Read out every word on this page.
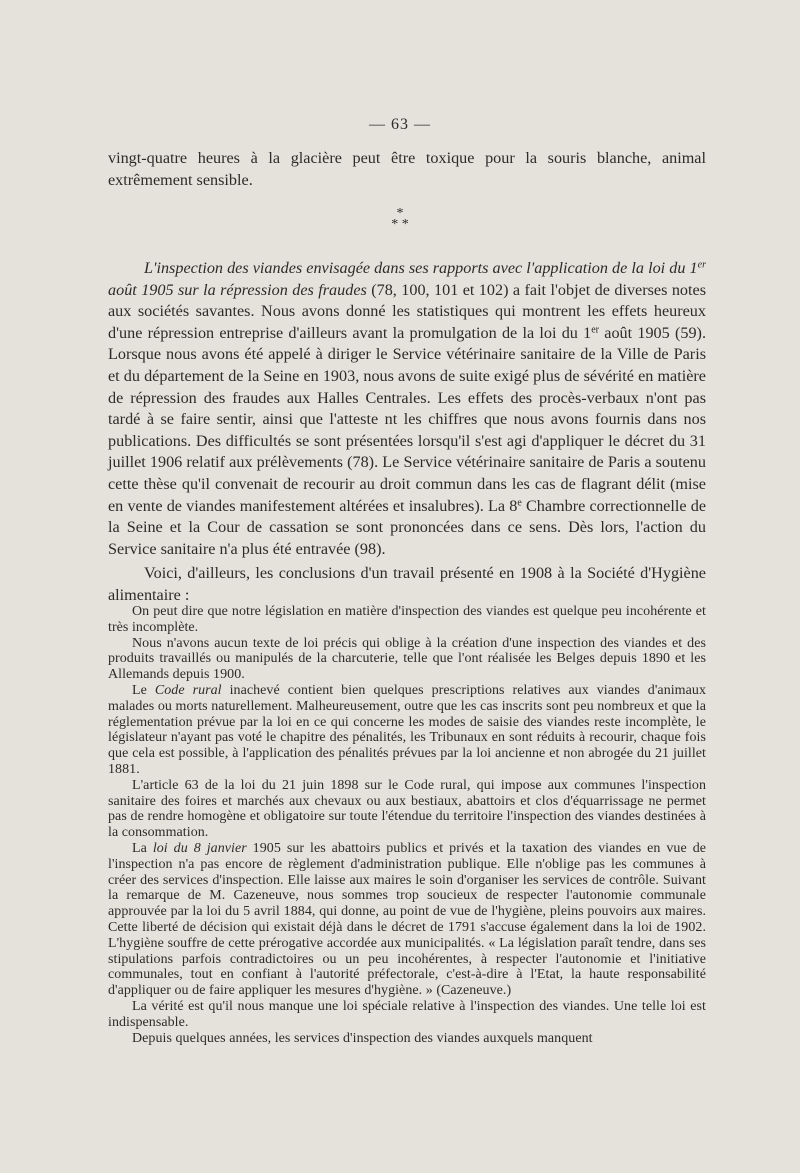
— 63 —

vingt-quatre heures à la glacière peut être toxique pour la souris blanche, animal extrêmement sensible.

*
* *

L'inspection des viandes envisagée dans ses rapports avec l'application de la loi du 1er août 1905 sur la répression des fraudes (78, 100, 101 et 102) a fait l'objet de diverses notes aux sociétés savantes. Nous avons donné les statistiques qui montrent les effets heureux d'une répression entreprise d'ailleurs avant la promulgation de la loi du 1er août 1905 (59). Lorsque nous avons été appelé à diriger le Service vétérinaire sanitaire de la Ville de Paris et du département de la Seine en 1903, nous avons de suite exigé plus de sévérité en matière de répression des fraudes aux Halles Centrales. Les effets des procès-verbaux n'ont pas tardé à se faire sentir, ainsi que l'atteste nt les chiffres que nous avons fournis dans nos publications. Des difficultés se sont présentées lorsqu'il s'est agi d'appliquer le décret du 31 juillet 1906 relatif aux prélèvements (78). Le Service vétérinaire sanitaire de Paris a soutenu cette thèse qu'il convenait de recourir au droit commun dans les cas de flagrant délit (mise en vente de viandes manifestement altérées et insalubres). La 8e Chambre correctionnelle de la Seine et la Cour de cassation se sont prononcées dans ce sens. Dès lors, l'action du Service sanitaire n'a plus été entravée (98).

Voici, d'ailleurs, les conclusions d'un travail présenté en 1908 à la Société d'Hygiène alimentaire :

On peut dire que notre législation en matière d'inspection des viandes est quelque peu incohérente et très incomplète.

Nous n'avons aucun texte de loi précis qui oblige à la création d'une inspection des viandes et des produits travaillés ou manipulés de la charcuterie, telle que l'ont réalisée les Belges depuis 1890 et les Allemands depuis 1900.

Le Code rural inachevé contient bien quelques prescriptions relatives aux viandes d'animaux malades ou morts naturellement. Malheureusement, outre que les cas inscrits sont peu nombreux et que la réglementation prévue par la loi en ce qui concerne les modes de saisie des viandes reste incomplète, le législateur n'ayant pas voté le chapitre des pénalités, les Tribunaux en sont réduits à recourir, chaque fois que cela est possible, à l'application des pénalités prévues par la loi ancienne et non abrogée du 21 juillet 1881.

L'article 63 de la loi du 21 juin 1898 sur le Code rural, qui impose aux communes l'inspection sanitaire des foires et marchés aux chevaux ou aux bestiaux, abattoirs et clos d'équarrissage ne permet pas de rendre homogène et obligatoire sur toute l'étendue du territoire l'inspection des viandes destinées à la consommation.

La loi du 8 janvier 1905 sur les abattoirs publics et privés et la taxation des viandes en vue de l'inspection n'a pas encore de règlement d'administration publique. Elle n'oblige pas les communes à créer des services d'inspection. Elle laisse aux maires le soin d'organiser les services de contrôle. Suivant la remarque de M. Cazeneuve, nous sommes trop soucieux de respecter l'autonomie communale approuvée par la loi du 5 avril 1884, qui donne, au point de vue de l'hygiène, pleins pouvoirs aux maires. Cette liberté de décision qui existait déjà dans le décret de 1791 s'accuse également dans la loi de 1902. L'hygiène souffre de cette prérogative accordée aux municipalités. « La législation paraît tendre, dans ses stipulations parfois contradictoires ou un peu incohérentes, à respecter l'autonomie et l'initiative communales, tout en confiant à l'autorité préfectorale, c'est-à-dire à l'Etat, la haute responsabilité d'appliquer ou de faire appliquer les mesures d'hygiène. » (Cazeneuve.)

La vérité est qu'il nous manque une loi spéciale relative à l'inspection des viandes. Une telle loi est indispensable.

Depuis quelques années, les services d'inspection des viandes auxquels manquent
